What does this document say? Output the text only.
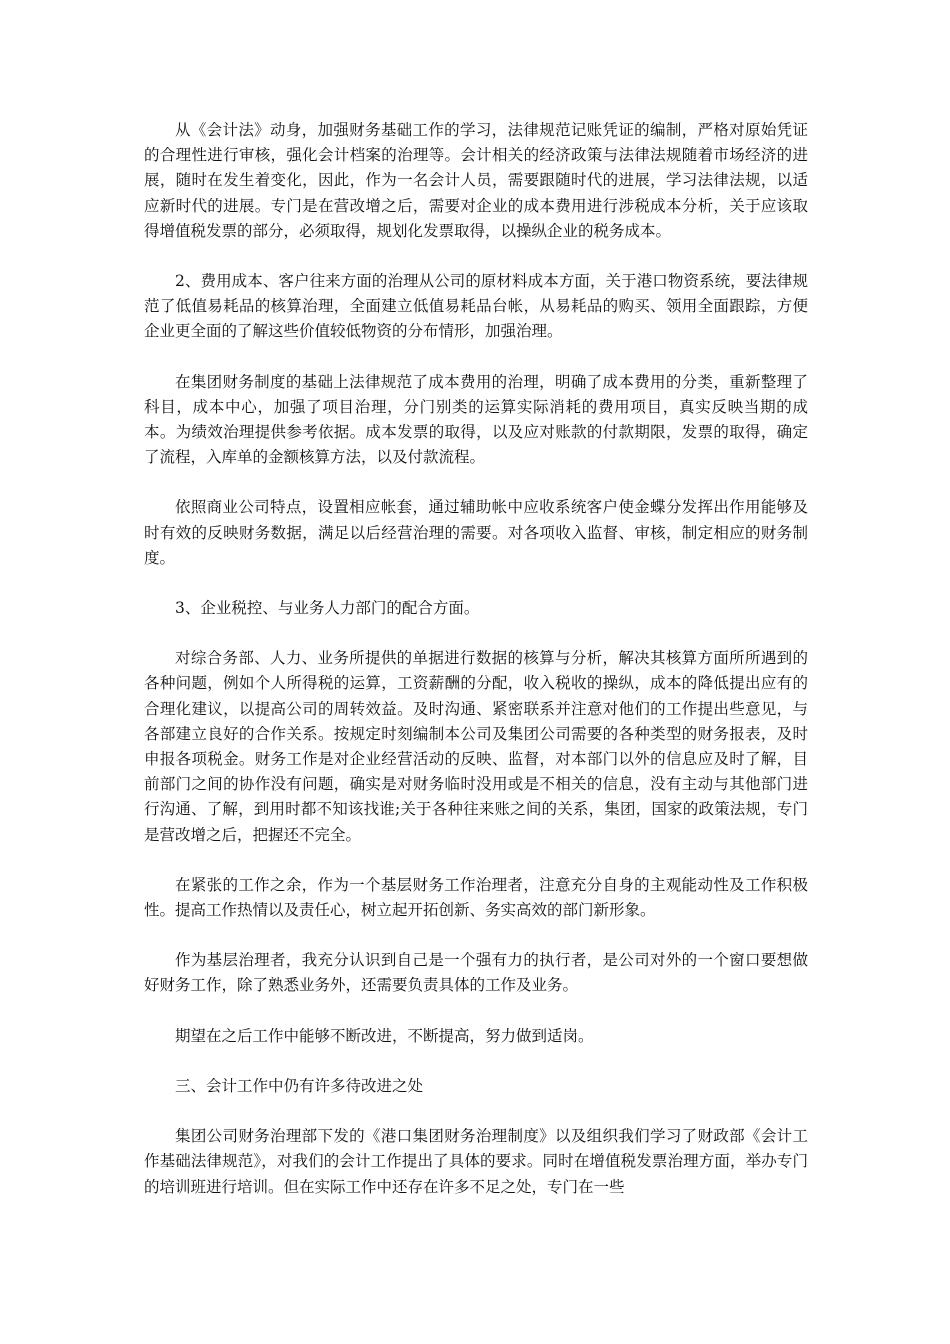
从《会计法》动身，加强财务基础工作的学习，法律规范记账凭证的编制，严格对原始凭证的合理性进行审核，强化会计档案的治理等。会计相关的经济政策与法律法规随着市场经济的进展，随时在发生着变化，因此，作为一名会计人员，需要跟随时代的进展，学习法律法规，以适应新时代的进展。专门是在营改增之后，需要对企业的成本费用进行涉税成本分析，关于应该取得增值税发票的部分，必须取得，规划化发票取得，以操纵企业的税务成本。

2、费用成本、客户往来方面的治理从公司的原材料成本方面，关于港口物资系统，要法律规范了低值易耗品的核算治理，全面建立低值易耗品台帐，从易耗品的购买、领用全面跟踪，方便企业更全面的了解这些价值较低物资的分布情形，加强治理。

在集团财务制度的基础上法律规范了成本费用的治理，明确了成本费用的分类，重新整理了科目，成本中心，加强了项目治理，分门别类的运算实际消耗的费用项目，真实反映当期的成本。为绩效治理提供参考依据。成本发票的取得，以及应对账款的付款期限，发票的取得，确定了流程，入库单的金额核算方法，以及付款流程。

依照商业公司特点，设置相应帐套，通过辅助帐中应收系统客户使金蝶分发挥出作用能够及时有效的反映财务数据，满足以后经营治理的需要。对各项收入监督、审核，制定相应的财务制度。

3、企业税控、与业务人力部门的配合方面。

对综合务部、人力、业务所提供的单据进行数据的核算与分析，解决其核算方面所所遇到的各种问题，例如个人所得税的运算，工资薪酬的分配，收入税收的操纵，成本的降低提出应有的合理化建议，以提高公司的周转效益。及时沟通、紧密联系并注意对他们的工作提出些意见，与各部建立良好的合作关系。按规定时刻编制本公司及集团公司需要的各种类型的财务报表，及时申报各项税金。财务工作是对企业经营活动的反映、监督，对本部门以外的信息应及时了解，目前部门之间的协作没有问题，确实是对财务临时没用或是不相关的信息，没有主动与其他部门进行沟通、了解，到用时都不知该找谁;关于各种往来账之间的关系，集团，国家的政策法规，专门是营改增之后，把握还不完全。

在紧张的工作之余，作为一个基层财务工作治理者，注意充分自身的主观能动性及工作积极性。提高工作热情以及责任心，树立起开拓创新、务实高效的部门新形象。

作为基层治理者，我充分认识到自己是一个强有力的执行者，是公司对外的一个窗口要想做好财务工作，除了熟悉业务外，还需要负责具体的工作及业务。

期望在之后工作中能够不断改进，不断提高，努力做到适岗。

三、会计工作中仍有许多待改进之处

集团公司财务治理部下发的《港口集团财务治理制度》以及组织我们学习了财政部《会计工作基础法律规范》，对我们的会计工作提出了具体的要求。同时在增值税发票治理方面，举办专门的培训班进行培训。但在实际工作中还存在许多不足之处，专门在一些
